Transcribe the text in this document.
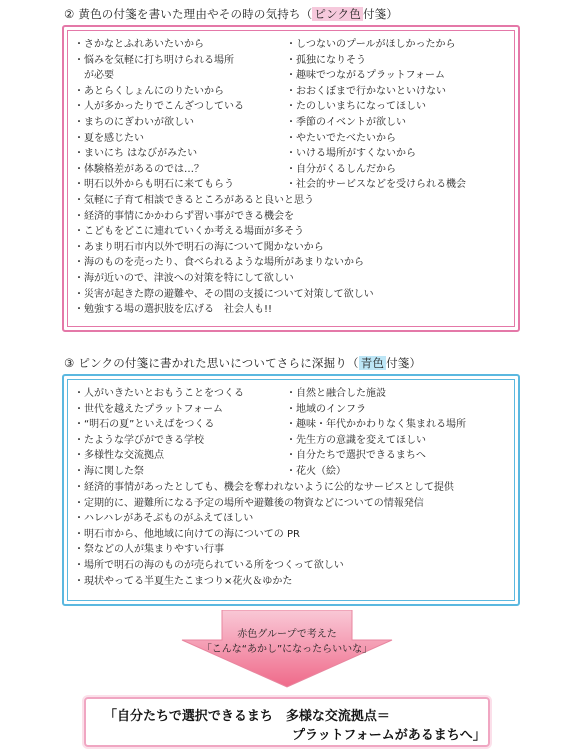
② 黄色の付箋を書いた理由やその時の気持ち（ ピンク色 付箋）
・さかなとふれあいたいから
・悩みを気軽に打ち明けられる場所
　が必要
・あとらくしょんにのりたいから
・人が多かったりでこんざつしている
・まちのにぎわいが欲しい
・夏を感じたい
・まいにち はなびがみたい
・体験格差があるのでは…？
・明石以外からも明石に来てもらう
・しつないのプールがほしかったから
・孤独になりそう
・趣味でつながるプラットフォーム
・おおくぼまで行かないといけない
・たのしいまちになってほしい
・季節のイベントが欲しい
・やたいでたべたいから
・いける場所がすくないから
・自分がくるしんだから
・社会的サービスなどを受けられる機会
・気軽に子育て相談できるところがあると良いと思う
・経済的事情にかかわらず習い事ができる機会を
・こどもをどこに連れていくか考える場面が多そう
・あまり明石市内以外で明石の海について聞かないから
・海のものを売ったり、食べられるような場所があまりないから
・海が近いので、津波への対策を特にして欲しい
・災害が起きた際の避難や、その間の支援について対策して欲しい
・勉強する場の選択肢を広げる　社会人も!!
③ ピンクの付箋に書かれた思いについてさらに深掘り（ 青色 付箋）
・人がいきたいとおもうことをつくる
・世代を越えたプラットフォーム
・“明石の夏”といえばをつくる
・たような学びができる学校
・多様性な交流拠点
・海に関した祭
・自然と融合した施設
・地域のインフラ
・趣味・年代かかわりなく集まれる場所
・先生方の意識を変えてほしい
・自分たちで選択できるまちへ
・花火（絵）
・経済的事情があったとしても、機会を奪われないように公的なサービスとして提供
・定期的に、避難所になる予定の場所や避難後の物資などについての情報発信
・ハレハレがあそぶものがふえてほしい
・明石市から、他地域に向けての海についての PR
・祭などの人が集まりやすい行事
・場所で明石の海のものが売られている所をつくって欲しい
・現状やってる半夏生たこまつり×花火＆ゆかた
赤色グループで考えた
「こんな“あかし”になったらいいな」
「自分たちで選択できるまち　多様な交流拠点＝
プラットフォームがあるまちへ」
